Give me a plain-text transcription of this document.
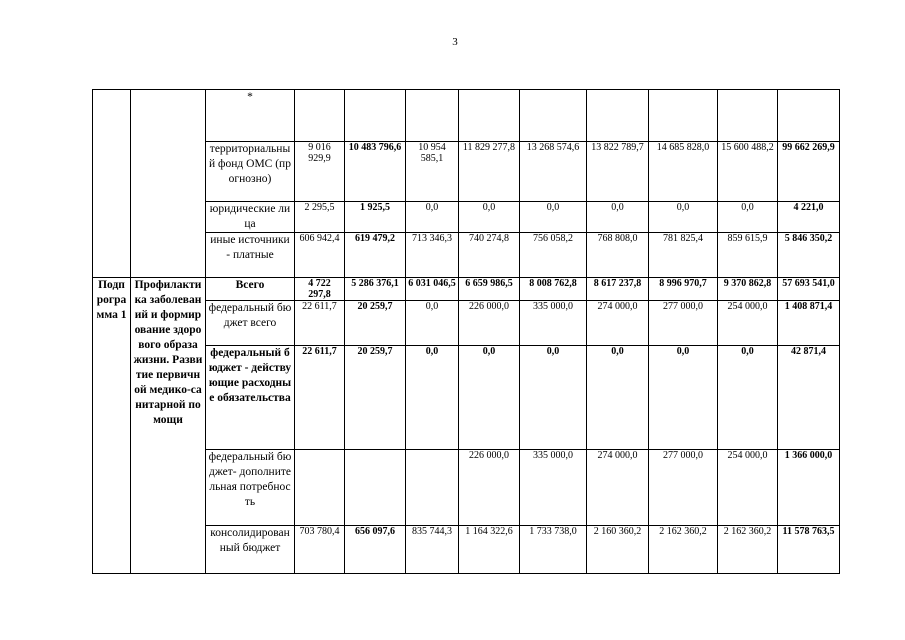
3
		*									
		территориальный фонд ОМС (прогнозно)	9 016 929,9	10 483 796,6	10 954 585,1	11 829 277,8	13 268 574,6	13 822 789,7	14 685 828,0	15 600 488,2	99 662 269,9
		юридические лица	2 295,5	1 925,5	0,0	0,0	0,0	0,0	0,0	0,0	4 221,0
		иные источники - платные	606 942,4	619 479,2	713 346,3	740 274,8	756 058,2	768 808,0	781 825,4	859 615,9	5 846 350,2
Подпрограмма 1	Профилактика заболеваний и формирование здорового образа жизни. Развитие первичной медико-санитарной помощи	Всего	4 722 297,8	5 286 376,1	6 031 046,5	6 659 986,5	8 008 762,8	8 617 237,8	8 996 970,7	9 370 862,8	57 693 541,0
		федеральный бюджет всего	22 611,7	20 259,7	0,0	226 000,0	335 000,0	274 000,0	277 000,0	254 000,0	1 408 871,4
		федеральный бюджет - действующие расходные обязательства	22 611,7	20 259,7	0,0	0,0	0,0	0,0	0,0	0,0	42 871,4
		федеральный бюджет- дополнительная потребность				226 000,0	335 000,0	274 000,0	277 000,0	254 000,0	1 366 000,0
		консолидированный бюджет	703 780,4	656 097,6	835 744,3	1 164 322,6	1 733 738,0	2 160 360,2	2 162 360,2	2 162 360,2	11 578 763,5
